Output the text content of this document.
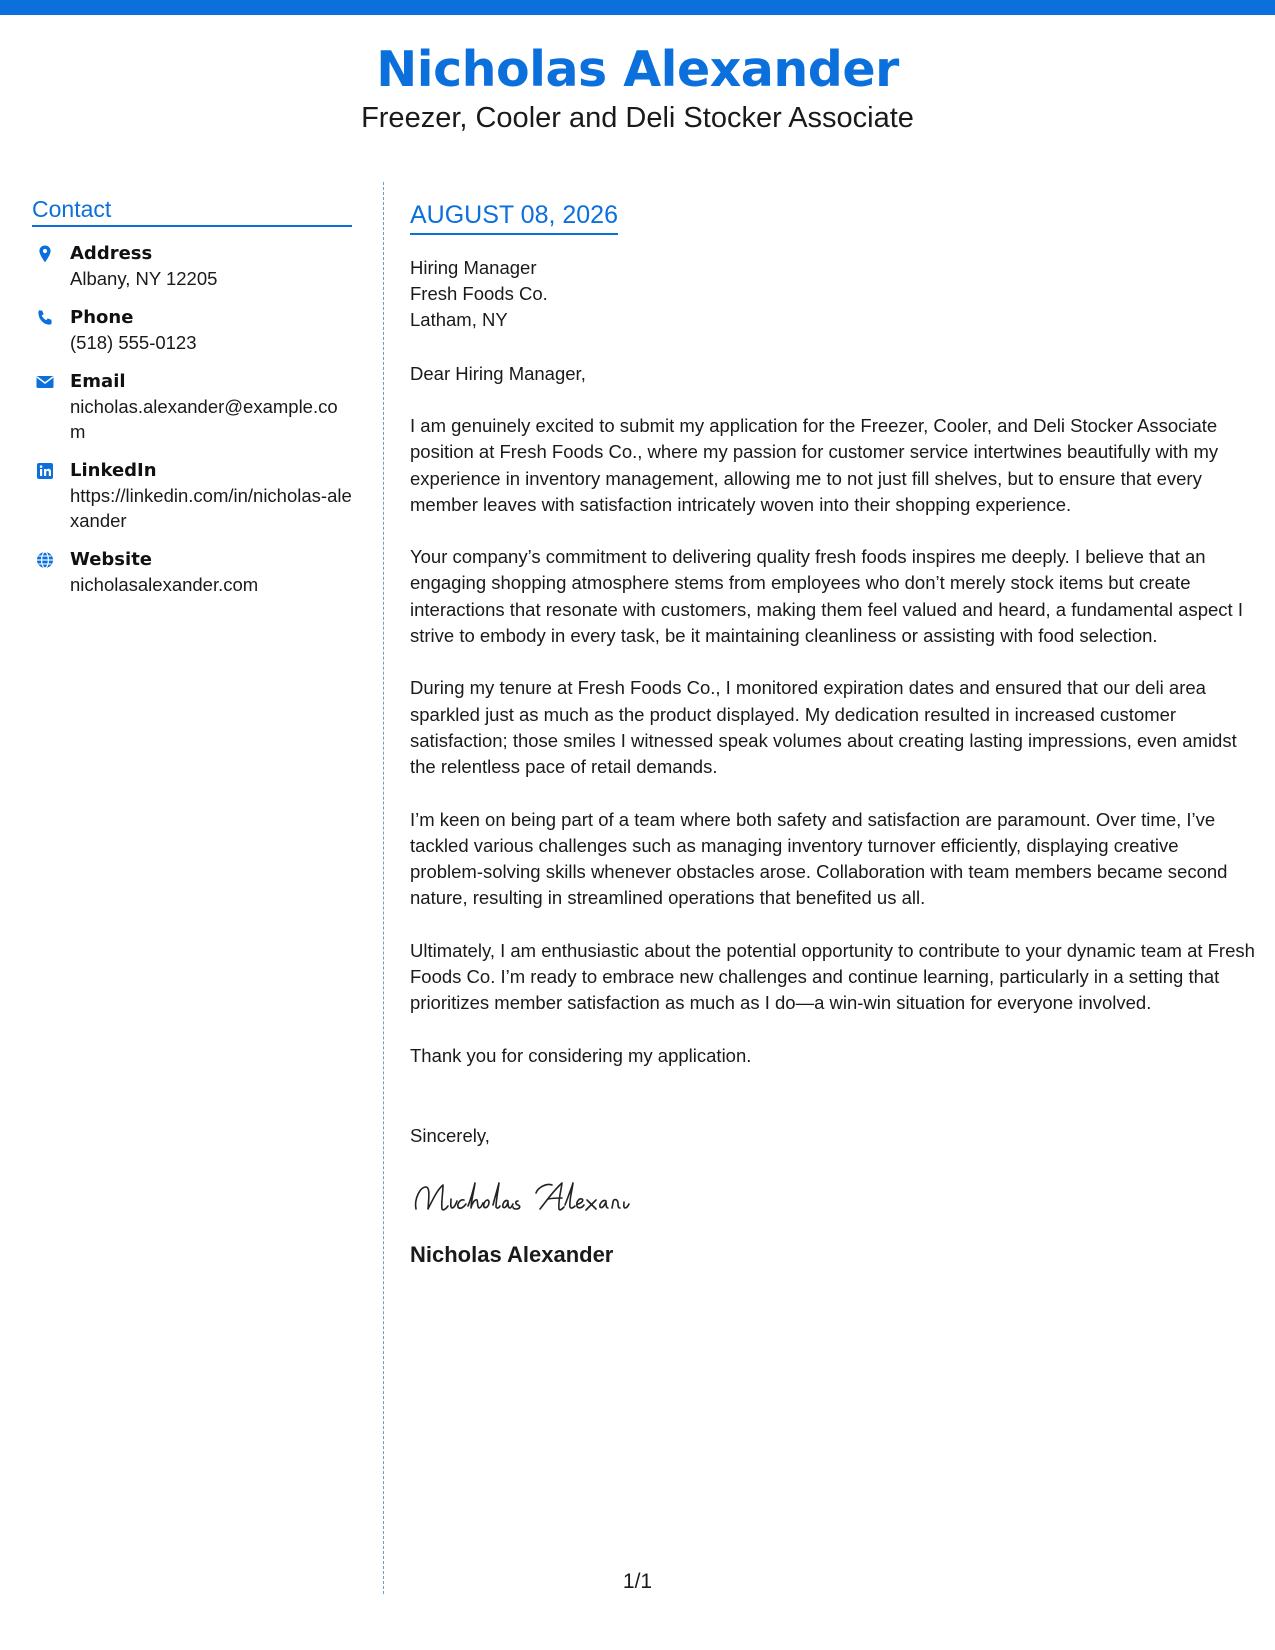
Nicholas Alexander
Freezer, Cooler and Deli Stocker Associate
Contact
Address
Albany, NY 12205
Phone
(518) 555-0123
Email
nicholas.alexander@example.com
LinkedIn
https://linkedin.com/in/nicholas-alexander
Website
nicholasalexander.com
AUGUST 08, 2026
Hiring Manager
Fresh Foods Co.
Latham, NY
Dear Hiring Manager,

I am genuinely excited to submit my application for the Freezer, Cooler, and Deli Stocker Associate position at Fresh Foods Co., where my passion for customer service intertwines beautifully with my experience in inventory management, allowing me to not just fill shelves, but to ensure that every member leaves with satisfaction intricately woven into their shopping experience.

Your company’s commitment to delivering quality fresh foods inspires me deeply. I believe that an engaging shopping atmosphere stems from employees who don’t merely stock items but create interactions that resonate with customers, making them feel valued and heard, a fundamental aspect I strive to embody in every task, be it maintaining cleanliness or assisting with food selection.

During my tenure at Fresh Foods Co., I monitored expiration dates and ensured that our deli area sparkled just as much as the product displayed. My dedication resulted in increased customer satisfaction; those smiles I witnessed speak volumes about creating lasting impressions, even amidst the relentless pace of retail demands.

I’m keen on being part of a team where both safety and satisfaction are paramount. Over time, I’ve tackled various challenges such as managing inventory turnover efficiently, displaying creative problem-solving skills whenever obstacles arose. Collaboration with team members became second nature, resulting in streamlined operations that benefited us all.

Ultimately, I am enthusiastic about the potential opportunity to contribute to your dynamic team at Fresh Foods Co. I’m ready to embrace new challenges and continue learning, particularly in a setting that prioritizes member satisfaction as much as I do—a win-win situation for everyone involved.

Thank you for considering my application.

Sincerely,
Nicholas Alexander
1/1
